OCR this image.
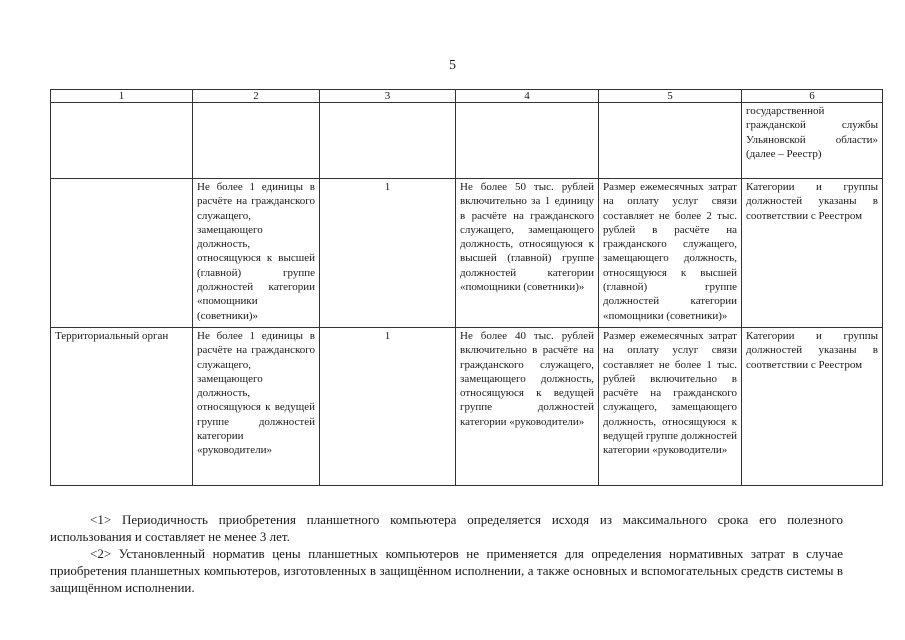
5
1	2	3	4	5	6
					государственной гражданской службы Ульяновской области» (далее – Реестр)
	Не более 1 единицы в расчёте на гражданского служащего, замещающего должность, относящуюся к высшей (главной) группе должностей категории «помощники (советники)»	1	Не более 50 тыс. рублей включительно за 1 единицу в расчёте на гражданского служащего, замещающего должность, относящуюся к высшей (главной) группе должностей категории «помощники (советники)»	Размер ежемесячных затрат на оплату услуг связи составляет не более 2 тыс. рублей в расчёте на гражданского служащего, замещающего должность, относящуюся к высшей (главной) группе должностей категории «помощники (советники)»	Категории и группы должностей указаны в соответствии с Реестром
Территориальный орган	Не более 1 единицы в расчёте на гражданского служащего, замещающего должность, относящуюся к ведущей группе должностей категории «руководители»	1	Не более 40 тыс. рублей включительно в расчёте на гражданского служащего, замещающего должность, относящуюся к ведущей группе должностей категории «руководители»	Размер ежемесячных затрат на оплату услуг связи составляет не более 1 тыс. рублей включительно в расчёте на гражданского служащего, замещающего должность, относящуюся к ведущей группе должностей категории «руководители»	Категории и группы должностей указаны в соответствии с Реестром

<1> Периодичность приобретения планшетного компьютера определяется исходя из максимального срока его полезного использования и составляет не менее 3 лет.

<2> Установленный норматив цены планшетных компьютеров не применяется для определения нормативных затрат в случае приобретения планшетных компьютеров, изготовленных в защищённом исполнении, а также основных и вспомогательных средств системы в защищённом исполнении.
